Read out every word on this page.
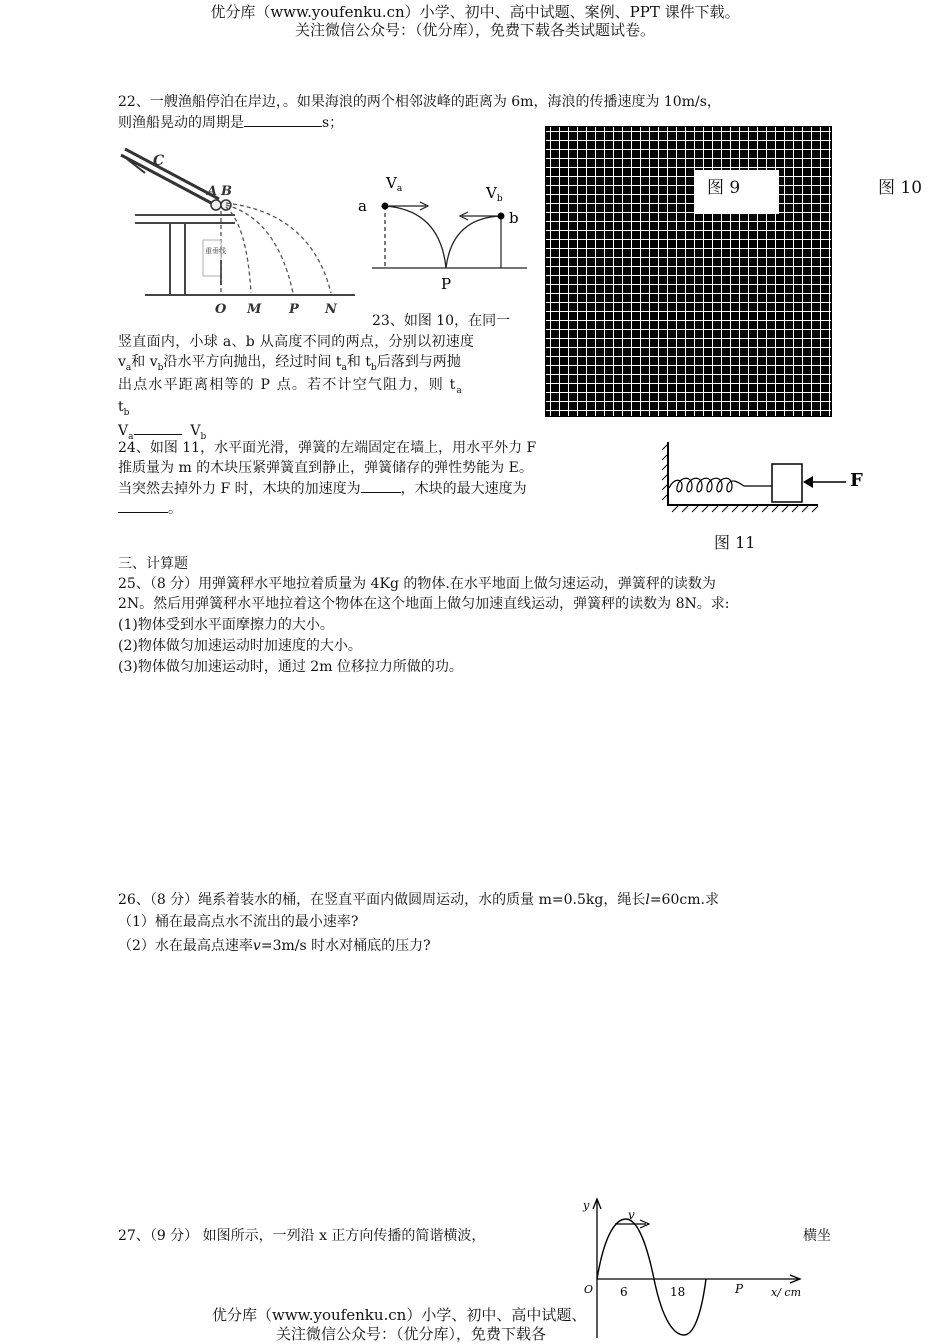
优分库（www.youfenku.cn）小学、初中、高中试题、案例、PPT 课件下载。
关注微信公众号：（优分库），免费下载各类试题试卷。
22、一艘渔船停泊在岸边，。如果海浪的两个相邻波峰的距离为 6m，海浪的传播速度为 10m/s，
则渔船晃动的周期是	s；
重垂线
C
A B
O M P N
$V_a$	$V_b$
a
b
P
图 9	图 10
23、如图 10，在同一
竖直面内，小球 a、b 从高度不同的两点，分别以初速度
$v_a$和 $v_b$沿水平方向抛出，经过时间 $t_a$和 $t_b$后落到与两抛
出点水平距离相等的 P 点。若不计空气阻力，则 $t_a$
$t_b$
$V_a$	$V_b$
24、如图 11，水平面光滑，弹簧的左端固定在墙上，用水平外力 F
推质量为 m 的木块压紧弹簧直到静止，弹簧储存的弹性势能为 E。
当突然去掉外力 F 时，木块的加速度为	，木块的最大速度为
。
F
图 11
三、计算题
25、（8 分）用弹簧秤水平地拉着质量为 4Kg 的物体.在水平地面上做匀速运动，弹簧秤的读数为
2N。然后用弹簧秤水平地拉着这个物体在这个地面上做匀加速直线运动，弹簧秤的读数为 8N。求:
(1)物体受到水平面摩擦力的大小。
(2)物体做匀加速运动时加速度的大小。
(3)物体做匀加速运动时，通过 2m 位移拉力所做的功。
26、（8 分）绳系着装水的桶，在竖直平面内做圆周运动，水的质量 m=0.5kg，绳长l=60cm.求
（1）桶在最高点水不流出的最小速率?
（2）水在最高点速率v=3m/s 时水对桶底的压力?
27、（9 分） 如图所示，一列沿 x 正方向传播的简谐横波，	横坐
y
v
O 6	18	P	x/ cm
优分库（www.youfenku.cn）小学、初中、高中试题、
关注微信公众号：（优分库），免费下载各
